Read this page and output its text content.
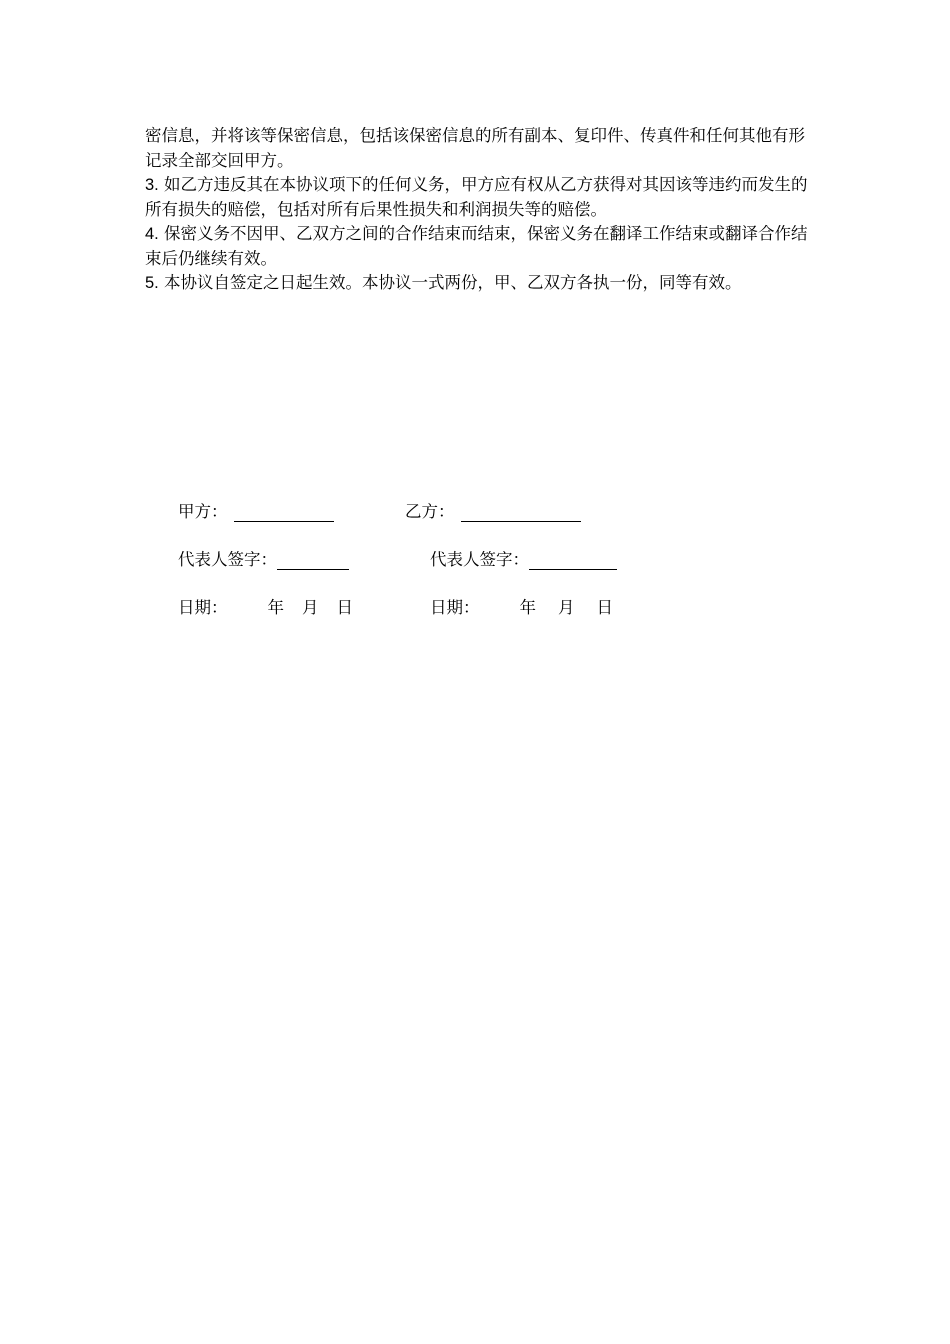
密信息，并将该等保密信息，包括该保密信息的所有副本、复印件、传真件和任何其他有形记录全部交回甲方。

3. 如乙方违反其在本协议项下的任何义务，甲方应有权从乙方获得对其因该等违约而发生的所有损失的赔偿，包括对所有后果性损失和利润损失等的赔偿。

4. 保密义务不因甲、乙双方之间的合作结束而结束，保密义务在翻译工作结束或翻译合作结束后仍继续有效。

5. 本协议自签定之日起生效。本协议一式两份，甲、乙双方各执一份，同等有效。

甲方：	乙方：
代表人签字：	代表人签字：
日期： 年 月 日	日期： 年 月 日
